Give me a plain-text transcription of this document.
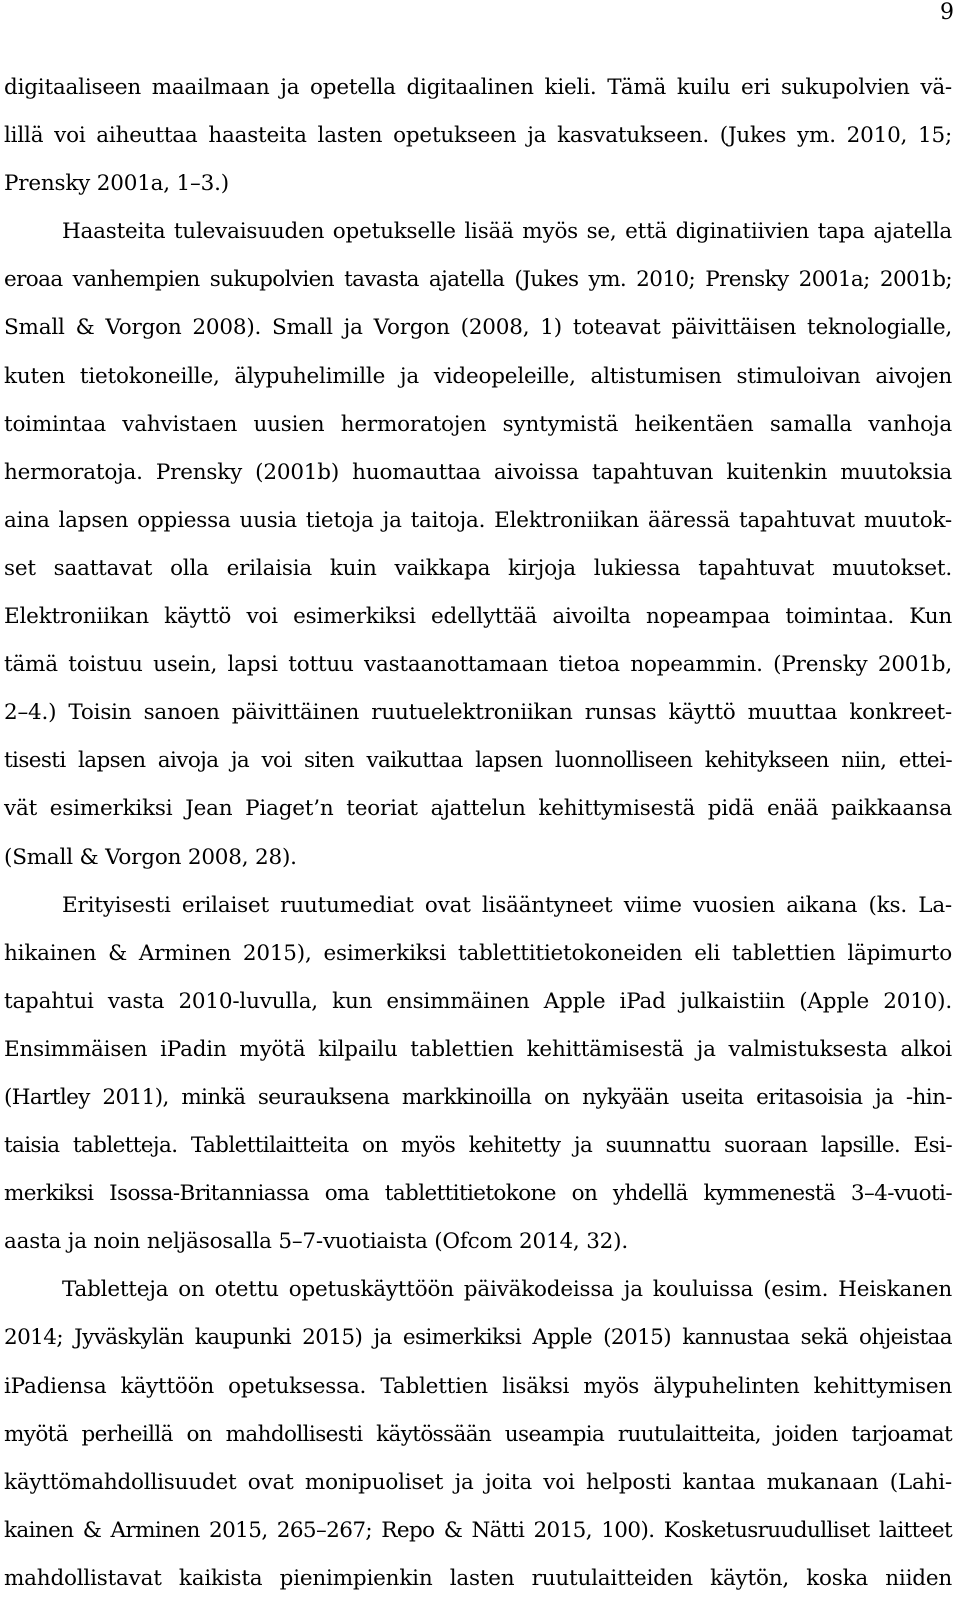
9
digitaaliseen maailmaan ja opetella digitaalinen kieli. Tämä kuilu eri sukupolvien vä-
lillä voi aiheuttaa haasteita lasten opetukseen ja kasvatukseen. (Jukes ym. 2010, 15;
Prensky 2001a, 1–3.)
Haasteita tulevaisuuden opetukselle lisää myös se, että diginatiivien tapa ajatella
eroaa vanhempien sukupolvien tavasta ajatella (Jukes ym. 2010; Prensky 2001a; 2001b;
Small & Vorgon 2008). Small ja Vorgon (2008, 1) toteavat päivittäisen teknologialle,
kuten tietokoneille, älypuhelimille ja videopeleille, altistumisen stimuloivan aivojen
toimintaa vahvistaen uusien hermoratojen syntymistä heikentäen samalla vanhoja
hermoratoja. Prensky (2001b) huomauttaa aivoissa tapahtuvan kuitenkin muutoksia
aina lapsen oppiessa uusia tietoja ja taitoja. Elektroniikan ääressä tapahtuvat muutok-
set saattavat olla erilaisia kuin vaikkapa kirjoja lukiessa tapahtuvat muutokset.
Elektroniikan käyttö voi esimerkiksi edellyttää aivoilta nopeampaa toimintaa. Kun
tämä toistuu usein, lapsi tottuu vastaanottamaan tietoa nopeammin. (Prensky 2001b,
2–4.) Toisin sanoen päivittäinen ruutuelektroniikan runsas käyttö muuttaa konkreet-
tisesti lapsen aivoja ja voi siten vaikuttaa lapsen luonnolliseen kehitykseen niin, ettei-
vät esimerkiksi Jean Piaget’n teoriat ajattelun kehittymisestä pidä enää paikkaansa
(Small & Vorgon 2008, 28).
Erityisesti erilaiset ruutumediat ovat lisääntyneet viime vuosien aikana (ks. La-
hikainen & Arminen 2015), esimerkiksi tablettitietokoneiden eli tablettien läpimurto
tapahtui vasta 2010-luvulla, kun ensimmäinen Apple iPad julkaistiin (Apple 2010).
Ensimmäisen iPadin myötä kilpailu tablettien kehittämisestä ja valmistuksesta alkoi
(Hartley 2011), minkä seurauksena markkinoilla on nykyään useita eritasoisia ja -hin-
taisia tabletteja. Tablettilaitteita on myös kehitetty ja suunnattu suoraan lapsille. Esi-
merkiksi Isossa-Britanniassa oma tablettitietokone on yhdellä kymmenestä 3–4-vuoti-
aasta ja noin neljäsosalla 5–7-vuotiaista (Ofcom 2014, 32).
Tabletteja on otettu opetuskäyttöön päiväkodeissa ja kouluissa (esim. Heiskanen
2014; Jyväskylän kaupunki 2015) ja esimerkiksi Apple (2015) kannustaa sekä ohjeistaa
iPadiensa käyttöön opetuksessa. Tablettien lisäksi myös älypuhelinten kehittymisen
myötä perheillä on mahdollisesti käytössään useampia ruutulaitteita, joiden tarjoamat
käyttömahdollisuudet ovat monipuoliset ja joita voi helposti kantaa mukanaan (Lahi-
kainen & Arminen 2015, 265–267; Repo & Nätti 2015, 100). Kosketusruudulliset laitteet
mahdollistavat kaikista pienimpienkin lasten ruutulaitteiden käytön, koska niiden
